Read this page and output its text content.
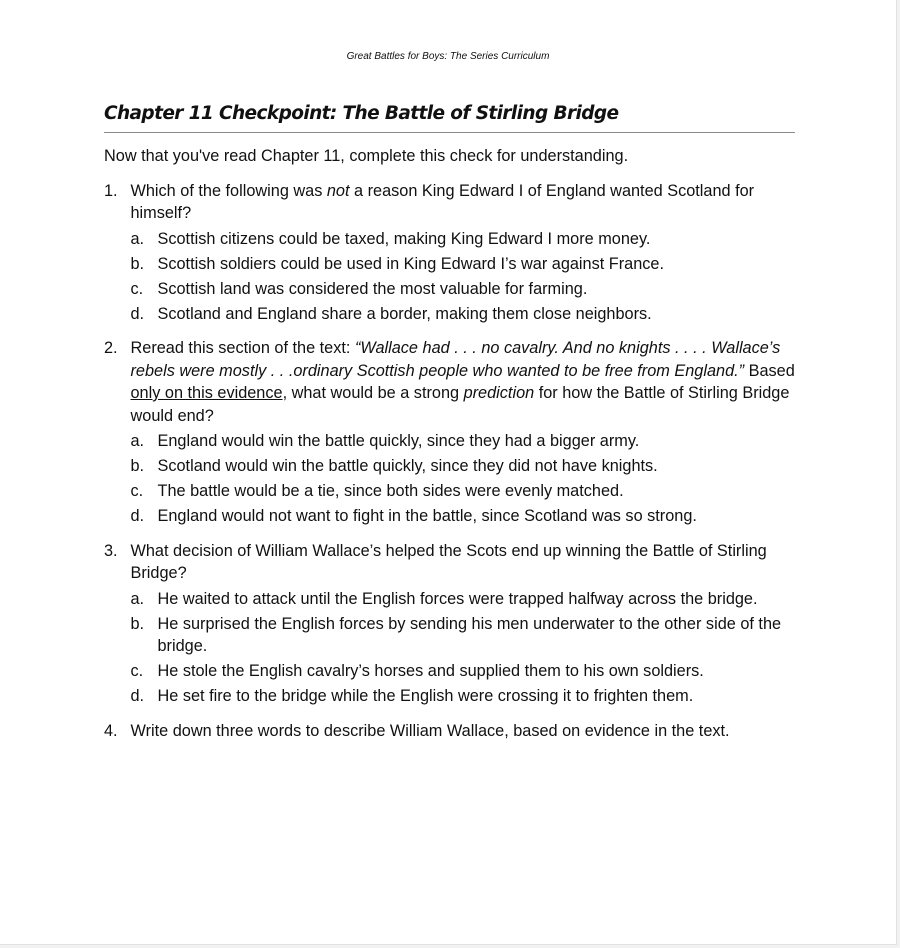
Great Battles for Boys: The Series Curriculum
Chapter 11 Checkpoint: The Battle of Stirling Bridge

Now that you've read Chapter 11, complete this check for understanding.

1. Which of the following was not a reason King Edward I of England wanted Scotland for himself?
a. Scottish citizens could be taxed, making King Edward I more money.
b. Scottish soldiers could be used in King Edward I’s war against France.
c. Scottish land was considered the most valuable for farming.
d. Scotland and England share a border, making them close neighbors.
2. Reread this section of the text: “Wallace had . . . no cavalry. And no knights . . . . Wallace’s rebels were mostly . . .ordinary Scottish people who wanted to be free from England.” Based only on this evidence, what would be a strong prediction for how the Battle of Stirling Bridge would end?
a. England would win the battle quickly, since they had a bigger army.
b. Scotland would win the battle quickly, since they did not have knights.
c. The battle would be a tie, since both sides were evenly matched.
d. England would not want to fight in the battle, since Scotland was so strong.
3. What decision of William Wallace’s helped the Scots end up winning the Battle of Stirling Bridge?
a. He waited to attack until the English forces were trapped halfway across the bridge.
b. He surprised the English forces by sending his men underwater to the other side of the bridge.
c. He stole the English cavalry’s horses and supplied them to his own soldiers.
d. He set fire to the bridge while the English were crossing it to frighten them.
4. Write down three words to describe William Wallace, based on evidence in the text.
